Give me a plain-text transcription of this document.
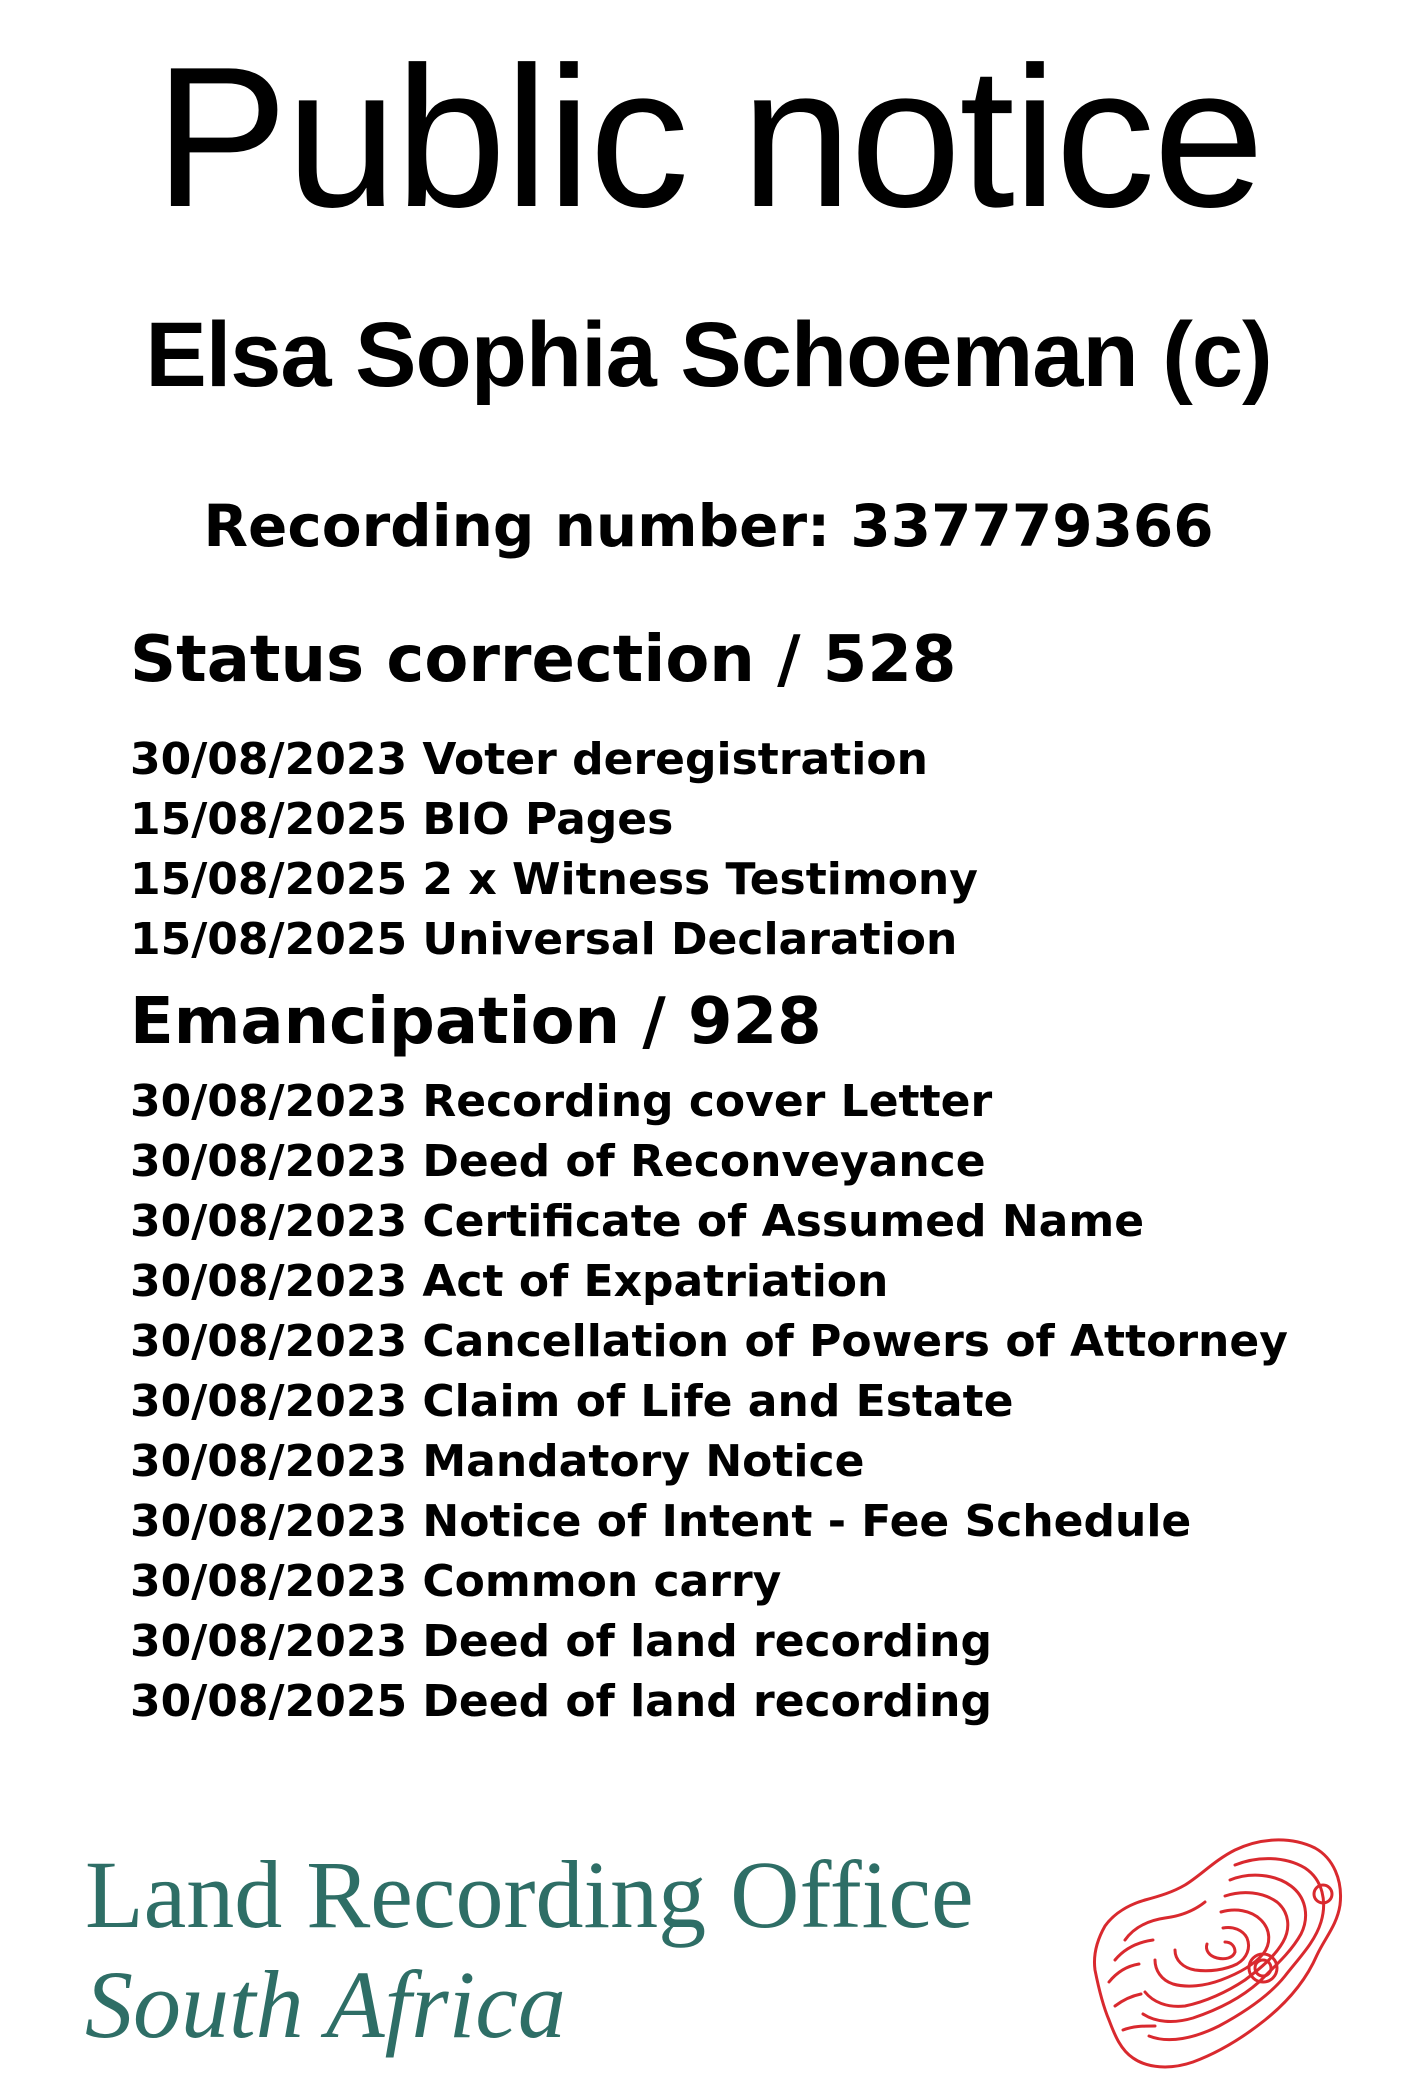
Public notice
Elsa Sophia Schoeman (c)

Recording number: 337779366

Status correction / 528
30/08/2023 Voter deregistration
15/08/2025 BIO Pages
15/08/2025 2 x Witness Testimony
15/08/2025 Universal Declaration
Emancipation / 928
30/08/2023 Recording cover Letter
30/08/2023 Deed of Reconveyance
30/08/2023 Certificate of Assumed Name
30/08/2023 Act of Expatriation
30/08/2023 Cancellation of Powers of Attorney
30/08/2023 Claim of Life and Estate
30/08/2023 Mandatory Notice
30/08/2023 Notice of Intent - Fee Schedule
30/08/2023 Common carry
30/08/2023 Deed of land recording
30/08/2025 Deed of land recording

Land Recording Office

South Africa
